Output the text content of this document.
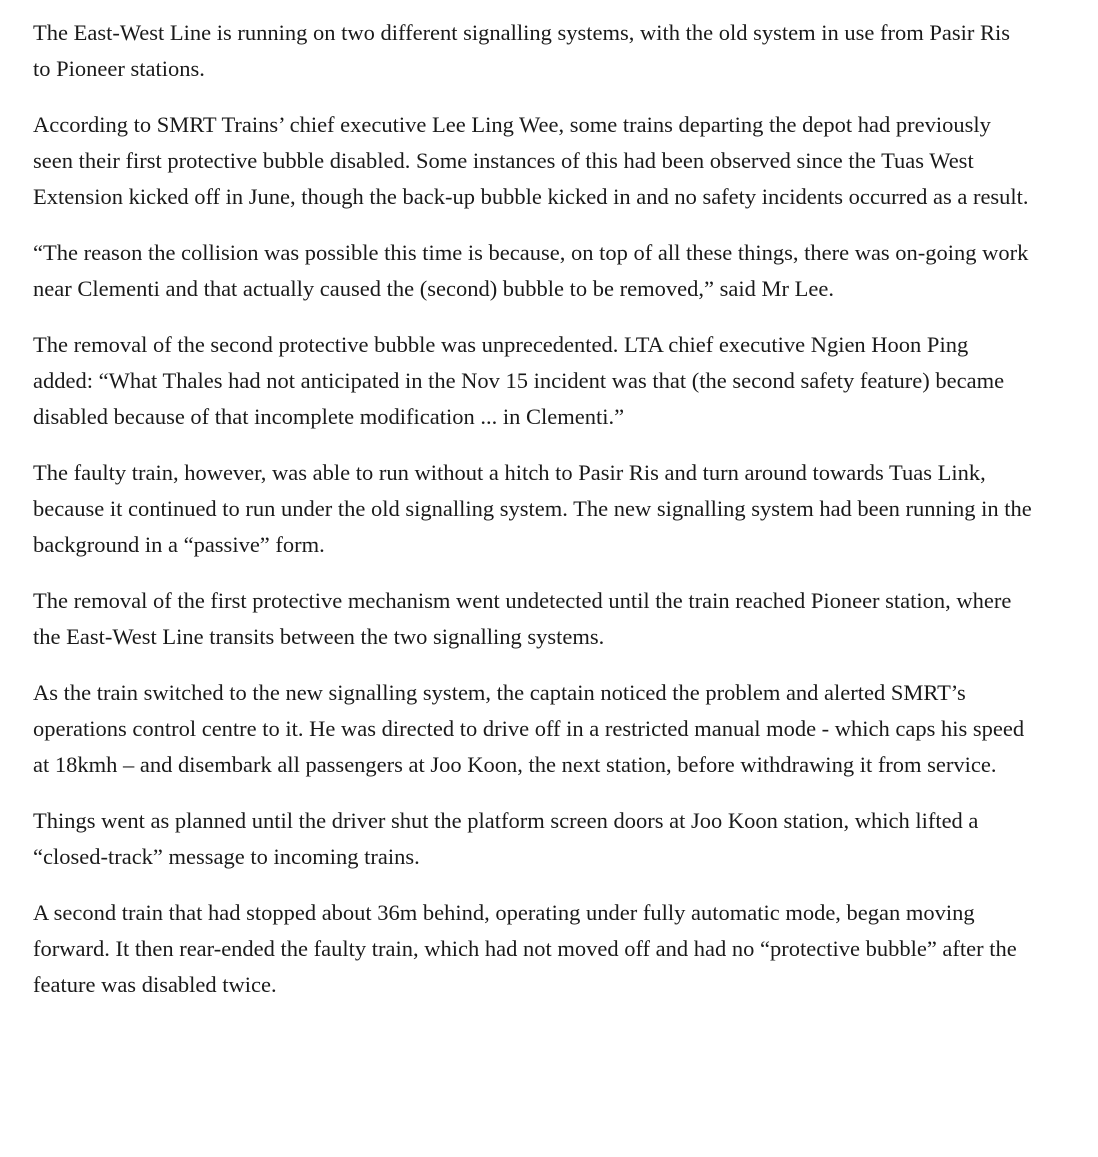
The East-West Line is running on two different signalling systems, with the old system in use from Pasir Ris to Pioneer stations.

According to SMRT Trains’ chief executive Lee Ling Wee, some trains departing the depot had previously seen their first protective bubble disabled. Some instances of this had been observed since the Tuas West Extension kicked off in June, though the back-up bubble kicked in and no safety incidents occurred as a result.

“The reason the collision was possible this time is because, on top of all these things, there was on-going work near Clementi and that actually caused the (second) bubble to be removed,” said Mr Lee.

The removal of the second protective bubble was unprecedented. LTA chief executive Ngien Hoon Ping added: “What Thales had not anticipated in the Nov 15 incident was that (the second safety feature) became disabled because of that incomplete modification ... in Clementi.”

The faulty train, however, was able to run without a hitch to Pasir Ris and turn around towards Tuas Link, because it continued to run under the old signalling system. The new signalling system had been running in the background in a “passive” form.

The removal of the first protective mechanism went undetected until the train reached Pioneer station, where the East-West Line transits between the two signalling systems.

As the train switched to the new signalling system, the captain noticed the problem and alerted SMRT’s operations control centre to it. He was directed to drive off in a restricted manual mode - which caps his speed at 18kmh – and disembark all passengers at Joo Koon, the next station, before withdrawing it from service.

Things went as planned until the driver shut the platform screen doors at Joo Koon station, which lifted a “closed-track” message to incoming trains.

A second train that had stopped about 36m behind, operating under fully automatic mode, began moving forward. It then rear-ended the faulty train, which had not moved off and had no “protective bubble” after the feature was disabled twice.
